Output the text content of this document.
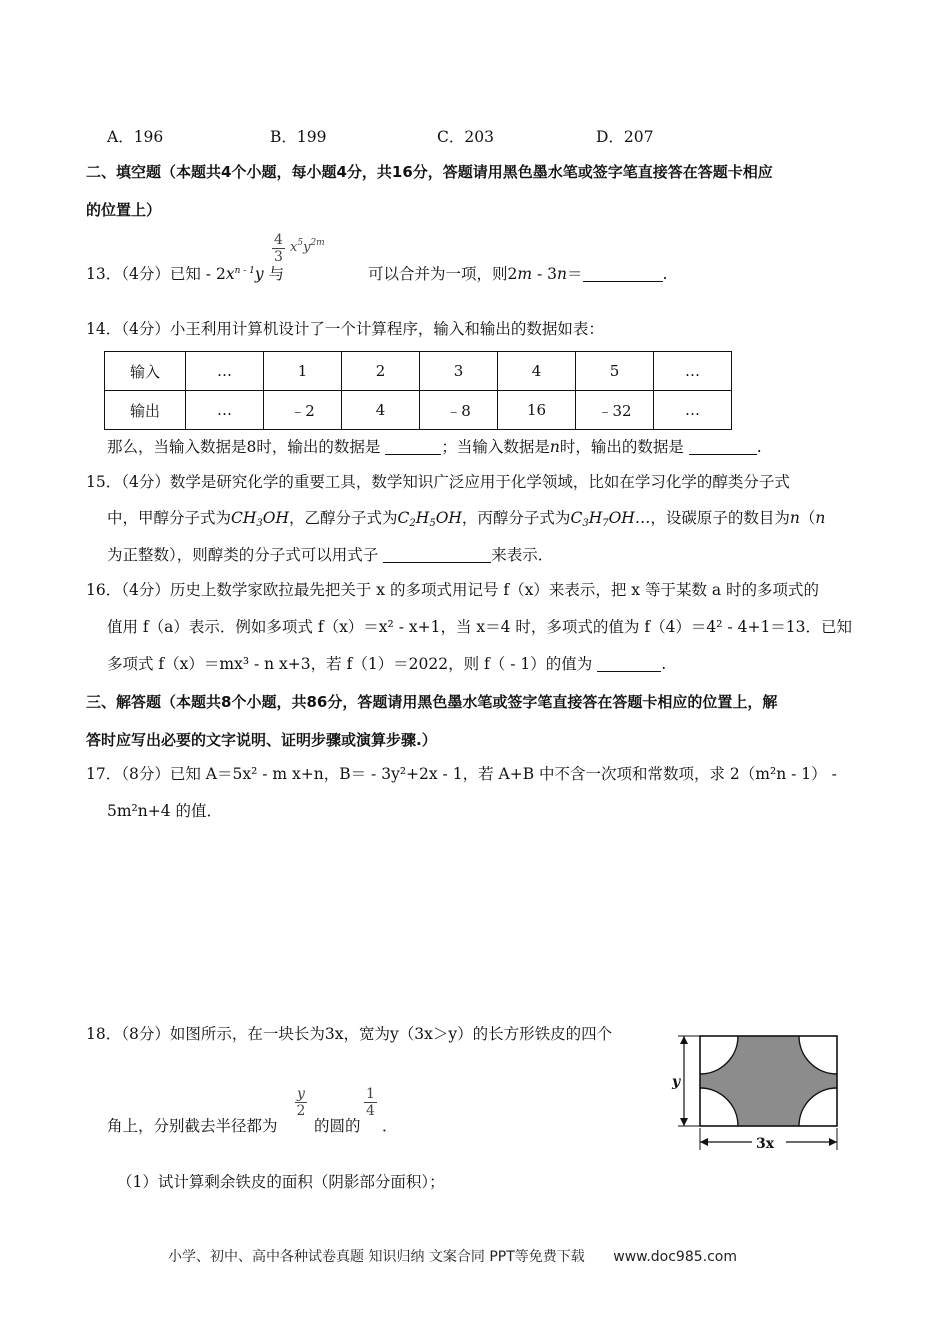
A．196	B．199	C．203	D．207
二、填空题（本题共4个小题，每小题4分，共16分，答题请用黑色墨水笔或签字笔直接答在答题卡相应
的位置上）
$\frac{4}{3} x^5y^{2m}$
13．（4分）已知 - $2x^{n - 1}y$ 与	可以合并为一项，则2m - 3n＝	.
14．（4分）小王利用计算机设计了一个计算程序，输入和输出的数据如表：
输入	…	1	2	3	4	5	…
输出	…	﹣2	4	﹣8	16	﹣32	…
那么，当输入数据是8时，输出的数据是	；当输入数据是n时，输出的数据是	.
15．（4分）数学是研究化学的重要工具，数学知识广泛应用于化学领域，比如在学习化学的醇类分子式
中，甲醇分子式为$CH_3OH$，乙醇分子式为$C_2H_5OH$，丙醇分子式为$C_3H_7OH\dots$，设碳原子的数目为n（n
为正整数），则醇类的分子式可以用式子	来表示．
16．（4分）历史上数学家欧拉最先把关于 x 的多项式用记号 f（x）来表示，把 x 等于某数 a 时的多项式的
值用 f（a）表示．例如多项式 f（x）＝x² - x+1，当 x＝4 时，多项式的值为 f（4）＝4² - 4+1＝13．已知
多项式 f（x）＝mx³ - n x+3，若 f（1）＝2022，则 f（ - 1）的值为	.
三、解答题（本题共8个小题，共86分，答题请用黑色墨水笔或签字笔直接答在答题卡相应的位置上，解
答时应写出必要的文字说明、证明步骤或演算步骤.）
17．（8分）已知 A＝5x² - m x+n，B＝ - 3y²+2x - 1，若 A+B 中不含一次项和常数项，求 2（m²n - 1） -
5m²n+4 的值．
18．（8分）如图所示，在一块长为3x，宽为y（3x＞y）的长方形铁皮的四个
$\frac{y}{2}$	$\frac{1}{4}$
角上，分别截去半径都为 的圆的 ．
（1）试计算剩余铁皮的面积（阴影部分面积）；
y
3x
小学、初中、高中各种试卷真题 知识归纳 文案合同 PPT等免费下载 www.doc985.com
